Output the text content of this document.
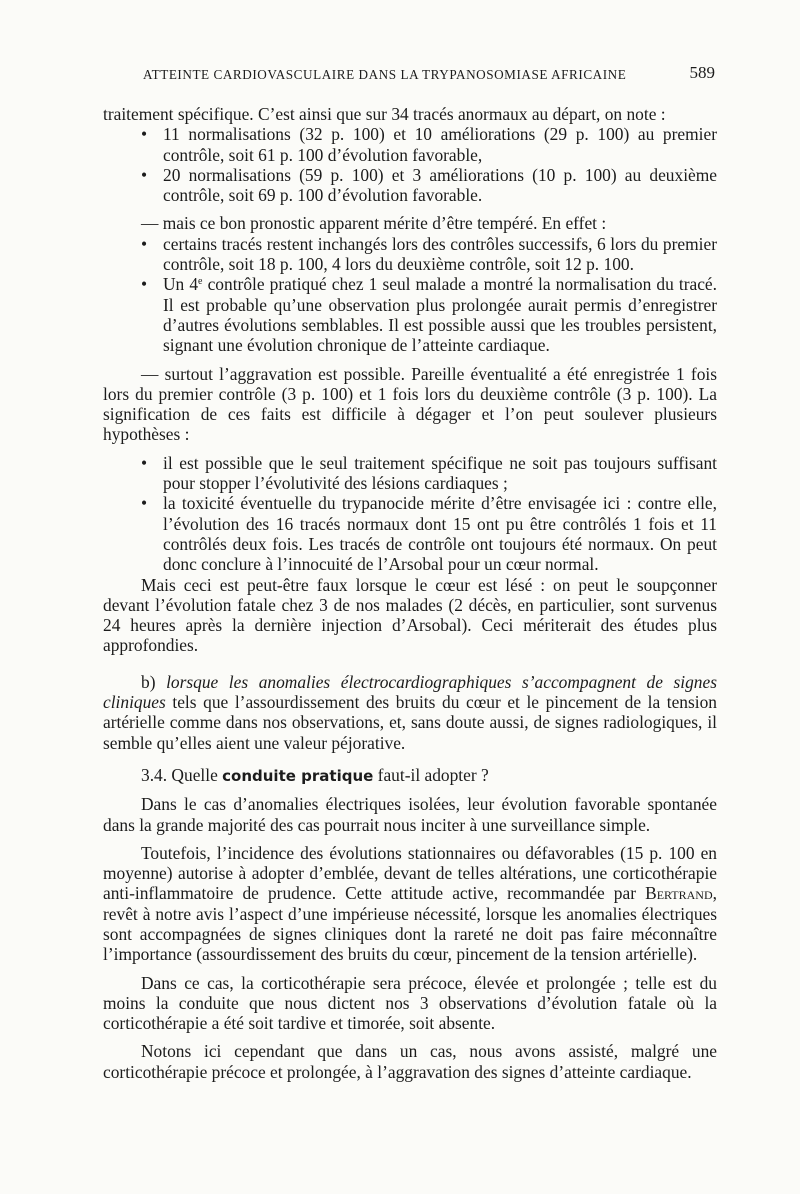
ATTEINTE CARDIOVASCULAIRE DANS LA TRYPANOSOMIASE AFRICAINE	589

traitement spécifique. C’est ainsi que sur 34 tracés anormaux au départ, on note :

• 11 normalisations (32 p. 100) et 10 améliorations (29 p. 100) au premier contrôle, soit 61 p. 100 d’évolution favorable,
• 20 normalisations (59 p. 100) et 3 améliorations (10 p. 100) au deuxième contrôle, soit 69 p. 100 d’évolution favorable.

— mais ce bon pronostic apparent mérite d’être tempéré. En effet :

• certains tracés restent inchangés lors des contrôles successifs, 6 lors du premier contrôle, soit 18 p. 100, 4 lors du deuxième contrôle, soit 12 p. 100.
• Un 4e contrôle pratiqué chez 1 seul malade a montré la normalisation du tracé. Il est probable qu’une observation plus prolongée aurait permis d’enregistrer d’autres évolutions semblables. Il est possible aussi que les troubles persistent, signant une évolution chronique de l’atteinte cardiaque.

— surtout l’aggravation est possible. Pareille éventualité a été enregistrée 1 fois lors du premier contrôle (3 p. 100) et 1 fois lors du deuxième contrôle (3 p. 100). La signification de ces faits est difficile à dégager et l’on peut soulever plusieurs hypothèses :

• il est possible que le seul traitement spécifique ne soit pas toujours suffisant pour stopper l’évolutivité des lésions cardiaques ;
• la toxicité éventuelle du trypanocide mérite d’être envisagée ici : contre elle, l’évolution des 16 tracés normaux dont 15 ont pu être contrôlés 1 fois et 11 contrôlés deux fois. Les tracés de contrôle ont toujours été normaux. On peut donc conclure à l’innocuité de l’Arsobal pour un cœur normal.

Mais ceci est peut-être faux lorsque le cœur est lésé : on peut le soupçonner devant l’évolution fatale chez 3 de nos malades (2 décès, en particulier, sont survenus 24 heures après la dernière injection d’Arsobal). Ceci mériterait des études plus approfondies.

b) lorsque les anomalies électrocardiographiques s’accompagnent de signes cliniques tels que l’assourdissement des bruits du cœur et le pincement de la tension artérielle comme dans nos observations, et, sans doute aussi, de signes radiologiques, il semble qu’elles aient une valeur péjorative.

3.4. Quelle conduite pratique faut-il adopter ?

Dans le cas d’anomalies électriques isolées, leur évolution favorable spontanée dans la grande majorité des cas pourrait nous inciter à une surveillance simple.

Toutefois, l’incidence des évolutions stationnaires ou défavorables (15 p. 100 en moyenne) autorise à adopter d’emblée, devant de telles altérations, une corticothérapie anti-inflammatoire de prudence. Cette attitude active, recommandée par Bertrand, revêt à notre avis l’aspect d’une impérieuse nécessité, lorsque les anomalies électriques sont accompagnées de signes cliniques dont la rareté ne doit pas faire méconnaître l’importance (assourdissement des bruits du cœur, pincement de la tension artérielle).

Dans ce cas, la corticothérapie sera précoce, élevée et prolongée ; telle est du moins la conduite que nous dictent nos 3 observations d’évolution fatale où la corticothérapie a été soit tardive et timorée, soit absente.

Notons ici cependant que dans un cas, nous avons assisté, malgré une corticothérapie précoce et prolongée, à l’aggravation des signes d’atteinte cardiaque.
